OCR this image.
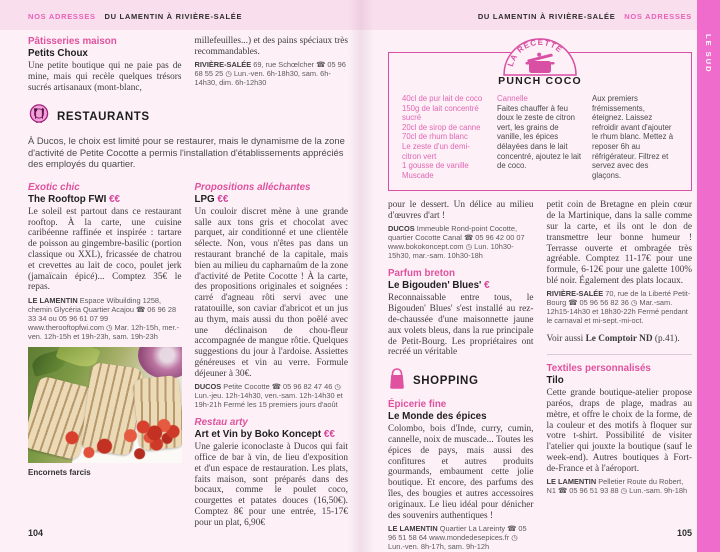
NOS ADRESSES DU LAMENTIN À RIVIÈRE-SALÉE
Pâtisseries maison
Petits Choux
Une petite boutique qui ne paie pas de mine, mais qui recèle quelques trésors sucrés artisanaux (mont-blanc,
millefeuilles...) et des pains spéciaux très recommandables.
RIVIÈRE-SALÉE 69, rue Schœlcher ☎ 05 96 68 55 25 ◷ Lun.-ven. 6h-18h30, sam. 6h-14h30, dim. 6h-12h30
RESTAURANTS
À Ducos, le choix est limité pour se restaurer, mais le dynamisme de la zone d'activité de Petite Cocotte a permis l'installation d'établissements appréciés des employés du quartier.
Exotic chic
The Rooftop FWI €€
Le soleil est partout dans ce restaurant rooftop. À la carte, une cuisine caribéenne raffinée et inspirée : tartare de poisson au gingembre-basilic (portion classique ou XXL), fricassée de chatrou et crevettes au lait de coco, poulet jerk (jamaïcain épicé)... Comptez 35€ le repas.
LE LAMENTIN Espace Wibuilding 1258, chemin Glycéria Quartier Acajou ☎ 06 96 28 33 34 ou 05 96 61 07 99 www.therooftopfwi.com ◷ Mar. 12h-15h, mer.-ven. 12h-15h et 19h-23h, sam. 19h-23h
Encornets farcis
Propositions alléchantes
LPG €€
Un couloir discret mène à une grande salle aux tons gris et chocolat avec parquet, air conditionné et une clientèle sélecte. Non, vous n'êtes pas dans un restaurant branché de la capitale, mais bien au milieu du capharnaüm de la zone d'activité de Petite Cocotte ! À la carte, des propositions originales et soignées : carré d'agneau rôti servi avec une ratatouille, son caviar d'abricot et un jus au thym, mais aussi du thon poêlé avec une déclinaison de chou-fleur accompagnée de mangue rôtie. Quelques suggestions du jour à l'ardoise. Assiettes généreuses et vin au verre. Formule déjeuner à 30€.
DUCOS Petite Cocotte ☎ 05 96 82 47 46 ◷ Lun.-jeu. 12h-14h30, ven.-sam. 12h-14h30 et 19h-21h Fermé les 15 premiers jours d'août
Restau arty
Art et Vin by Boko Koncept €€
Une galerie iconoclaste à Ducos qui fait office de bar à vin, de lieu d'exposition et d'un espace de restauration. Les plats, faits maison, sont préparés dans des bocaux, comme le poulet coco, courgettes et patates douces (16,50€). Comptez 8€ pour une entrée, 15-17€ pour un plat, 6,90€
104
DU LAMENTIN À RIVIÈRE-SALÉE NOS ADRESSES
LA RECETTE
PUNCH COCO
40cl de pur lait de coco
150g de lait concentré sucré
20cl de sirop de canne
70cl de rhum blanc
Le zeste d'un demi-citron vert
1 gousse de vanille
Muscade
Cannelle
Faites chauffer à feu doux le zeste de citron vert, les grains de vanille, les épices délayées dans le lait concentré, ajoutez le lait de coco.
Aux premiers frémissements, éteignez. Laissez refroidir avant d'ajouter le rhum blanc. Mettez à reposer 6h au réfrigérateur. Filtrez et servez avec des glaçons.
pour le dessert. Un délice au milieu d'œuvres d'art !
DUCOS Immeuble Rond-point Cocotte, quartier Cocotte Canal ☎ 05 96 42 00 07 www.bokokoncept.com ◷ Lun. 10h30-15h30, mar.-sam. 10h30-18h
Parfum breton
Le Bigouden' Blues' €
Reconnaissable entre tous, le Bigouden' Blues' s'est installé au rez-de-chaussée d'une maisonnette jaune aux volets bleus, dans la rue principale de Petit-Bourg. Les propriétaires ont recréé un véritable
SHOPPING
Épicerie fine
Le Monde des épices
Colombo, bois d'Inde, curry, cumin, cannelle, noix de muscade... Toutes les épices de pays, mais aussi des confitures et autres produits gourmands, embaument cette jolie boutique. Et encore, des parfums des îles, des bougies et autres accessoires originaux. Le lieu idéal pour dénicher des souvenirs authentiques !
LE LAMENTIN Quartier La Lareinty ☎ 05 96 51 58 64 www.mondedesepices.fr ◷ Lun.-ven. 8h-17h, sam. 9h-12h
petit coin de Bretagne en plein cœur de la Martinique, dans la salle comme sur la carte, et ils ont le don de transmettre leur bonne humeur ! Terrasse ouverte et ombragée très agréable. Comptez 11-17€ pour une formule, 6-12€ pour une galette 100% blé noir. Également des plats locaux.
RIVIÈRE-SALÉE 70, rue de la Liberté Petit-Bourg ☎ 05 96 56 82 36 ◷ Mar.-sam. 12h15-14h30 et 18h30-22h Fermé pendant le carnaval et mi-sept.-mi-oct.
Voir aussi Le Comptoir ND (p.41).
Textiles personnalisés
Tilo
Cette grande boutique-atelier propose paréos, draps de plage, madras au mètre, et offre le choix de la forme, de la couleur et des motifs à floquer sur votre t-shirt. Possibilité de visiter l'atelier qui jouxte la boutique (sauf le week-end). Autres boutiques à Fort-de-France et à l'aéroport.
LE LAMENTIN Pelletier Route du Robert, N1 ☎ 05 96 51 93 88 ◷ Lun.-sam. 9h-18h
105
LE SUD
